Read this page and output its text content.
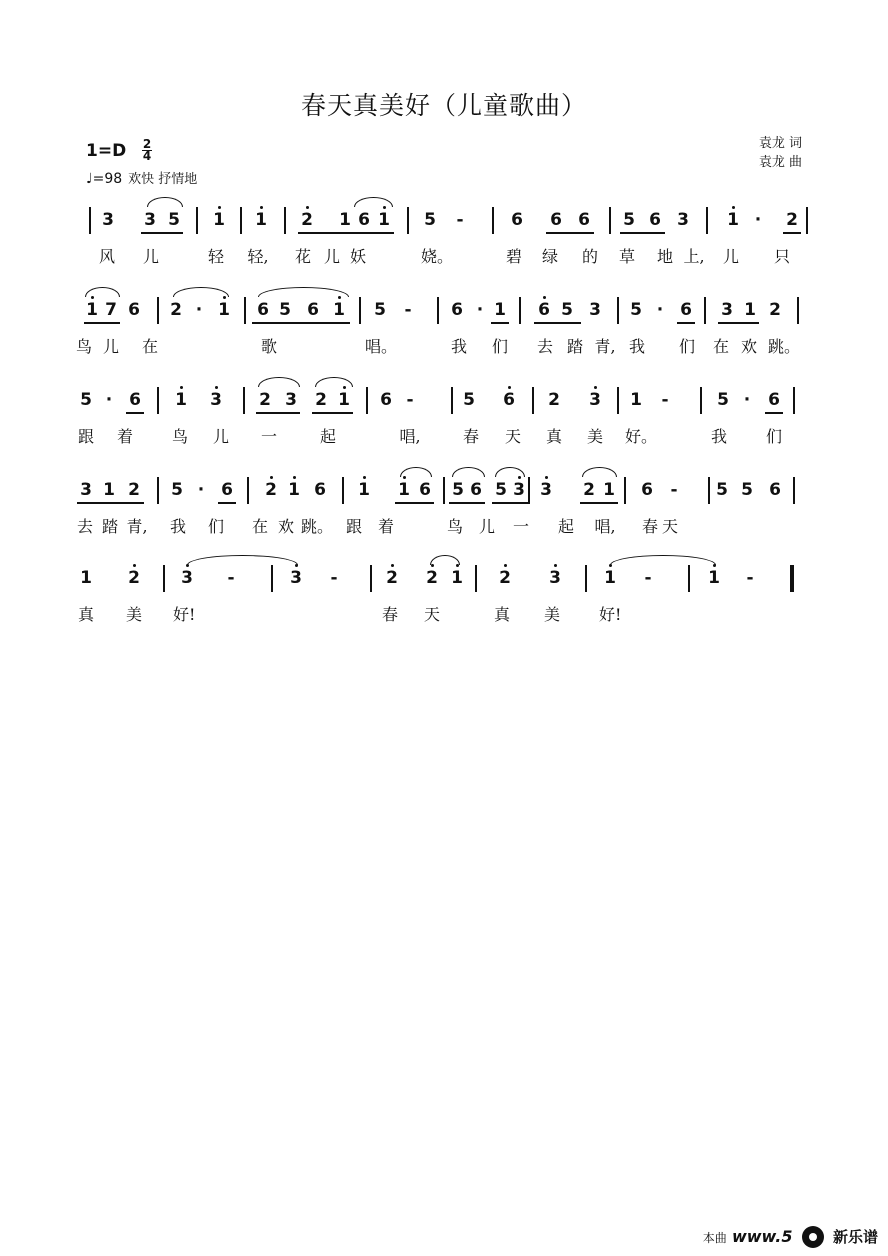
春天真美好（儿童歌曲）
袁龙 词
袁龙 曲
1=D 2
4
♩=98 欢快 抒情地
3 3 5 1 1 2 1 6 1 5	-	6 6 6 5 6 3 1 ·	2
风 儿	轻 轻, 花 儿 妖	娆。	碧 绿 的 草 地 上, 儿 只
1 7 6 2 · 1 6 5 6 1 5	-	6 · 1 6 5 3 5 · 6 3 1 2
鸟 儿 在	歌	唱。	我 们 去 踏 青, 我 们 在 欢 跳。
5 · 6 1 3 2 3 2 1 6 -	5 6 2 3 1	-	5 ·	6
跟 着 鸟 儿 一	起	唱,	春 天 真 美 好。	我 们
3 1 2 5 · 6 2 1 6 1 1 6 5 6 5 3 3 2 1 6	-	5 5 6
去 踏 青, 我 们 在 欢 跳。 跟 着	鸟 儿 一 起 唱, 春 天
1 2 3	-	3	-	2 2 1 2 3	1	-	1	-
真 美 好!	春 天	真 美 好!
本曲 www.5	新乐谱
